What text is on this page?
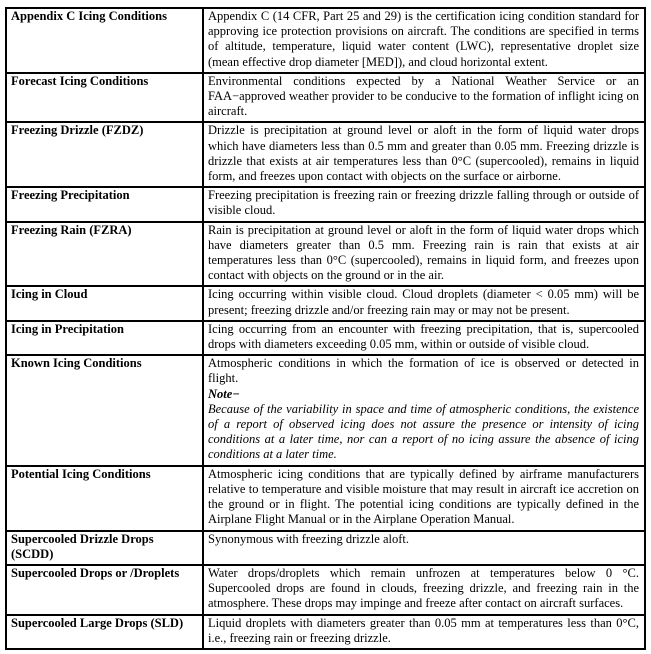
Appendix C Icing Conditions	Appendix C (14 CFR, Part 25 and 29) is the certification icing condition standard for approving ice protection provisions on aircraft. The conditions are specified in terms of altitude, temperature, liquid water content (LWC), representative droplet size (mean effective drop diameter [MED]), and cloud horizontal extent.

Forecast Icing Conditions	Environmental conditions expected by a National Weather Service or an FAA−approved weather provider to be conducive to the formation of inflight icing on aircraft.

Freezing Drizzle (FZDZ)	Drizzle is precipitation at ground level or aloft in the form of liquid water drops which have diameters less than 0.5 mm and greater than 0.05 mm. Freezing drizzle is drizzle that exists at air temperatures less than 0°C (supercooled), remains in liquid form, and freezes upon contact with objects on the surface or airborne.

Freezing Precipitation	Freezing precipitation is freezing rain or freezing drizzle falling through or outside of visible cloud.

Freezing Rain (FZRA)	Rain is precipitation at ground level or aloft in the form of liquid water drops which have diameters greater than 0.5 mm. Freezing rain is rain that exists at air temperatures less than 0°C (supercooled), remains in liquid form, and freezes upon contact with objects on the ground or in the air.

Icing in Cloud	Icing occurring within visible cloud. Cloud droplets (diameter < 0.05 mm) will be present; freezing drizzle and/or freezing rain may or may not be present.

Icing in Precipitation	Icing occurring from an encounter with freezing precipitation, that is, supercooled drops with diameters exceeding 0.05 mm, within or outside of visible cloud.

Known Icing Conditions	Atmospheric conditions in which the formation of ice is observed or detected in flight.

Note−

Because of the variability in space and time of atmospheric conditions, the existence of a report of observed icing does not assure the presence or intensity of icing conditions at a later time, nor can a report of no icing assure the absence of icing conditions at a later time.

Potential Icing Conditions	Atmospheric icing conditions that are typically defined by airframe manufacturers relative to temperature and visible moisture that may result in aircraft ice accretion on the ground or in flight. The potential icing conditions are typically defined in the Airplane Flight Manual or in the Airplane Operation Manual.

Supercooled Drizzle Drops (SCDD)	Synonymous with freezing drizzle aloft.

Supercooled Drops or /Droplets	Water drops/droplets which remain unfrozen at temperatures below 0 °C. Supercooled drops are found in clouds, freezing drizzle, and freezing rain in the atmosphere. These drops may impinge and freeze after contact on aircraft surfaces.

Supercooled Large Drops (SLD)	Liquid droplets with diameters greater than 0.05 mm at temperatures less than 0°C, i.e., freezing rain or freezing drizzle.
